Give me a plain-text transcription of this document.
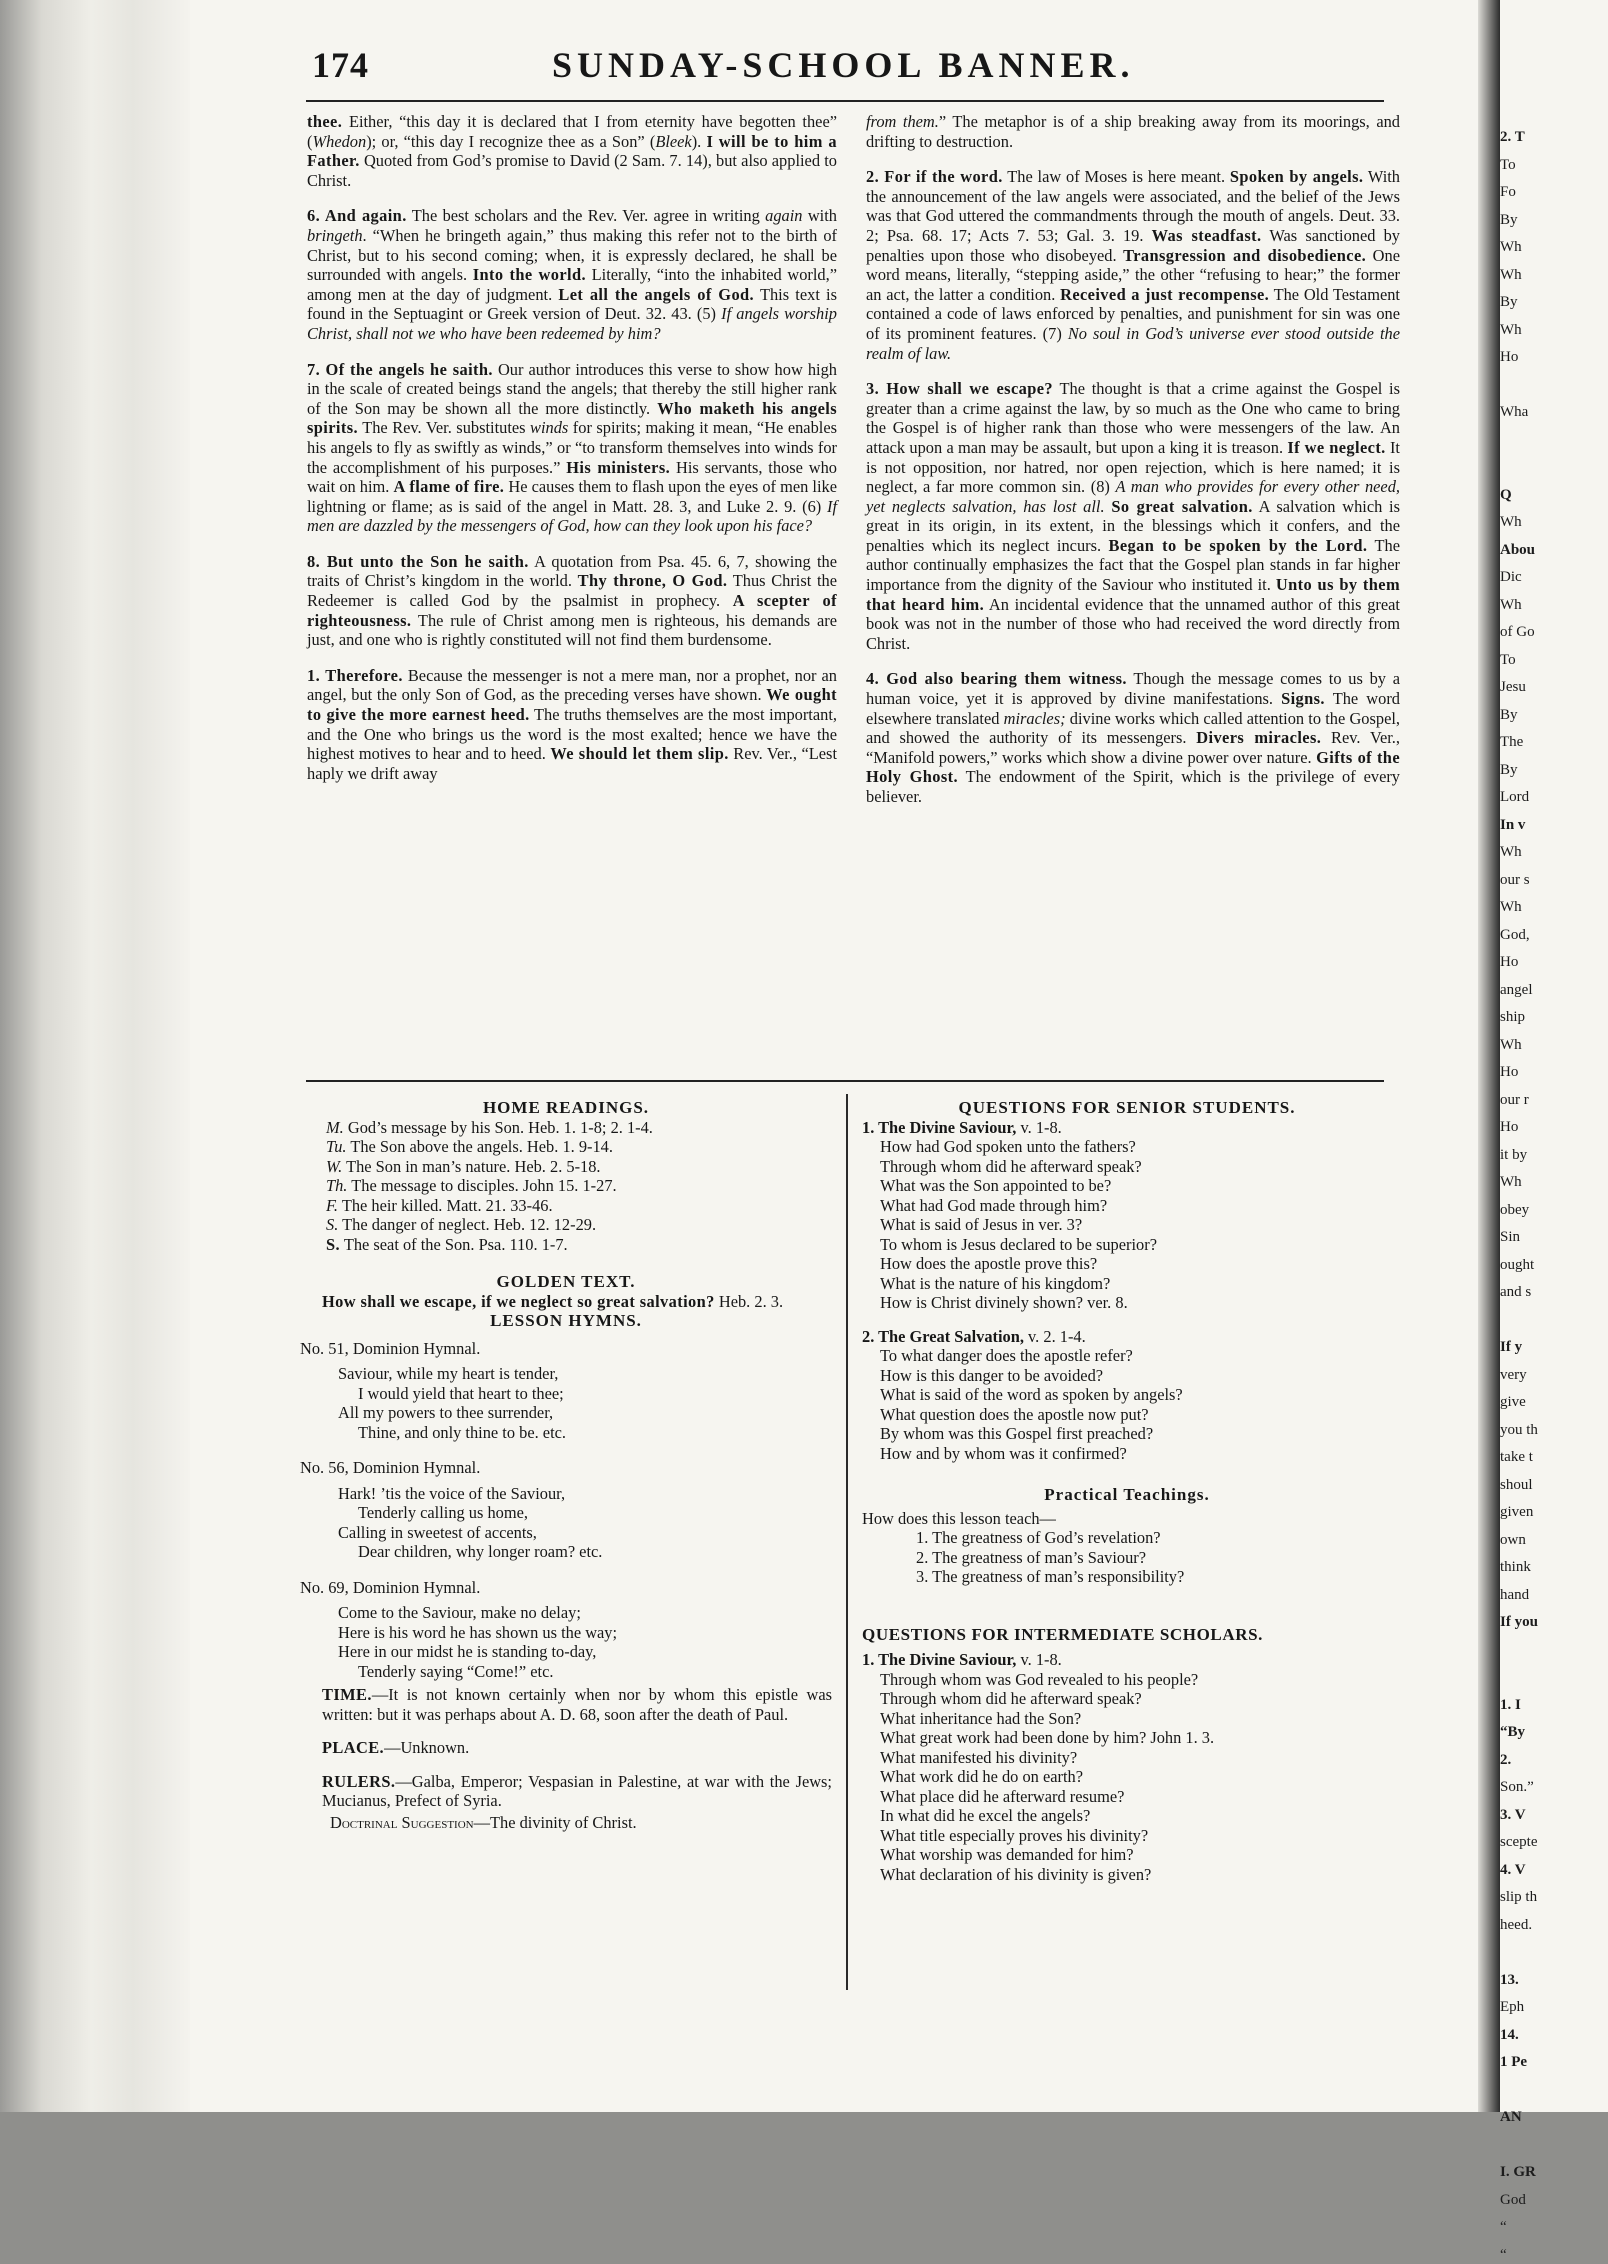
174	SUNDAY-SCHOOL BANNER.

thee. Either, “this day it is declared that I from eternity have begotten thee” (Whedon); or, “this day I recognize thee as a Son” (Bleek). I will be to him a Father. Quoted from God’s promise to David (2 Sam. 7. 14), but also applied to Christ.

6. And again. The best scholars and the Rev. Ver. agree in writing again with bringeth. “When he bringeth again,” thus making this refer not to the birth of Christ, but to his second coming; when, it is expressly declared, he shall be surrounded with angels. Into the world. Literally, “into the inhabited world,” among men at the day of judgment. Let all the angels of God. This text is found in the Septuagint or Greek version of Deut. 32. 43. (5) If angels worship Christ, shall not we who have been redeemed by him?

7. Of the angels he saith. Our author introduces this verse to show how high in the scale of created beings stand the angels; that thereby the still higher rank of the Son may be shown all the more distinctly. Who maketh his angels spirits. The Rev. Ver. substitutes winds for spirits; making it mean, “He enables his angels to fly as swiftly as winds,” or “to transform themselves into winds for the accomplishment of his purposes.” His ministers. His servants, those who wait on him. A flame of fire. He causes them to flash upon the eyes of men like lightning or flame; as is said of the angel in Matt. 28. 3, and Luke 2. 9. (6) If men are dazzled by the messengers of God, how can they look upon his face?

8. But unto the Son he saith. A quotation from Psa. 45. 6, 7, showing the traits of Christ’s kingdom in the world. Thy throne, O God. Thus Christ the Redeemer is called God by the psalmist in prophecy. A scepter of righteousness. The rule of Christ among men is righteous, his demands are just, and one who is rightly constituted will not find them burdensome.

1. Therefore. Because the messenger is not a mere man, nor a prophet, nor an angel, but the only Son of God, as the preceding verses have shown. We ought to give the more earnest heed. The truths themselves are the most important, and the One who brings us the word is the most exalted; hence we have the highest motives to hear and to heed. We should let them slip. Rev. Ver., “Lest haply we drift away

from them.” The metaphor is of a ship breaking away from its moorings, and drifting to destruction.

2. For if the word. The law of Moses is here meant. Spoken by angels. With the announcement of the law angels were associated, and the belief of the Jews was that God uttered the commandments through the mouth of angels. Deut. 33. 2; Psa. 68. 17; Acts 7. 53; Gal. 3. 19. Was steadfast. Was sanctioned by penalties upon those who disobeyed. Transgression and disobedience. One word means, literally, “stepping aside,” the other “refusing to hear;” the former an act, the latter a condition. Received a just recompense. The Old Testament contained a code of laws enforced by penalties, and punishment for sin was one of its prominent features. (7) No soul in God’s universe ever stood outside the realm of law.

3. How shall we escape? The thought is that a crime against the Gospel is greater than a crime against the law, by so much as the One who came to bring the Gospel is of higher rank than those who were messengers of the law. An attack upon a man may be assault, but upon a king it is treason. If we neglect. It is not opposition, nor hatred, nor open rejection, which is here named; it is neglect, a far more common sin. (8) A man who provides for every other need, yet neglects salvation, has lost all. So great salvation. A salvation which is great in its origin, in its extent, in the blessings which it confers, and the penalties which its neglect incurs. Began to be spoken by the Lord. The author continually emphasizes the fact that the Gospel plan stands in far higher importance from the dignity of the Saviour who instituted it. Unto us by them that heard him. An incidental evidence that the unnamed author of this great book was not in the number of those who had received the word directly from Christ.

4. God also bearing them witness. Though the message comes to us by a human voice, yet it is approved by divine manifestations. Signs. The word elsewhere translated miracles; divine works which called attention to the Gospel, and showed the authority of its messengers. Divers miracles. Rev. Ver., “Manifold powers,” works which show a divine power over nature. Gifts of the Holy Ghost. The endowment of the Spirit, which is the privilege of every believer.

HOME READINGS.
M. God’s message by his Son. Heb. 1. 1-8; 2. 1-4.
Tu. The Son above the angels. Heb. 1. 9-14.
W. The Son in man’s nature. Heb. 2. 5-18.
Th. The message to disciples. John 15. 1-27.
F. The heir killed. Matt. 21. 33-46.
S. The danger of neglect. Heb. 12. 12-29.
S. The seat of the Son. Psa. 110. 1-7.
GOLDEN TEXT.
How shall we escape, if we neglect so great salvation? Heb. 2. 3.
LESSON HYMNS.
No. 51, Dominion Hymnal.
Saviour, while my heart is tender,
I would yield that heart to thee;
All my powers to thee surrender,
Thine, and only thine to be. etc.
No. 56, Dominion Hymnal.
Hark! ’tis the voice of the Saviour,
Tenderly calling us home,
Calling in sweetest of accents,
Dear children, why longer roam? etc.
No. 69, Dominion Hymnal.
Come to the Saviour, make no delay;
Here is his word he has shown us the way;
Here in our midst he is standing to-day,
Tenderly saying “Come!” etc.
TIME.—It is not known certainly when nor by whom this epistle was written: but it was perhaps about A. D. 68, soon after the death of Paul.
PLACE.—Unknown.
RULERS.—Galba, Emperor; Vespasian in Palestine, at war with the Jews; Mucianus, Prefect of Syria.
Doctrinal Suggestion—The divinity of Christ.
QUESTIONS FOR SENIOR STUDENTS.
1. The Divine Saviour, v. 1-8.
How had God spoken unto the fathers?
Through whom did he afterward speak?
What was the Son appointed to be?
What had God made through him?
What is said of Jesus in ver. 3?
To whom is Jesus declared to be superior?
How does the apostle prove this?
What is the nature of his kingdom?
How is Christ divinely shown? ver. 8.
2. The Great Salvation, v. 2. 1-4.
To what danger does the apostle refer?
How is this danger to be avoided?
What is said of the word as spoken by angels?
What question does the apostle now put?
By whom was this Gospel first preached?
How and by whom was it confirmed?
Practical Teachings.
How does this lesson teach—
1. The greatness of God’s revelation?
2. The greatness of man’s Saviour?
3. The greatness of man’s responsibility?
QUESTIONS FOR INTERMEDIATE SCHOLARS.
1. The Divine Saviour, v. 1-8.
Through whom was God revealed to his people?
Through whom did he afterward speak?
What inheritance had the Son?
What great work had been done by him? John 1. 3.
What manifested his divinity?
What work did he do on earth?
What place did he afterward resume?
In what did he excel the angels?
What title especially proves his divinity?
What worship was demanded for him?
What declaration of his divinity is given?
2. T
To
Fo
By
Wh
Wh
By
Wh
Ho
Wha
Q
Wh
Abou
Dic
Wh
of Go
To
Jesu
By
The
By
Lord
In v
Wh
our s
Wh
God,
Ho
angel
ship
Wh
Ho
our r
Ho
it by
Wh
obey
Sin
ought
and s
If y
very
give
you th
take t
shoul
given
own
think
hand
If you
1. I
“By
2.
Son.”
3. V
scepte
4. V
slip th
heed.
13.
Eph
14.
1 Pe
AN
I. GR
God
“
“
